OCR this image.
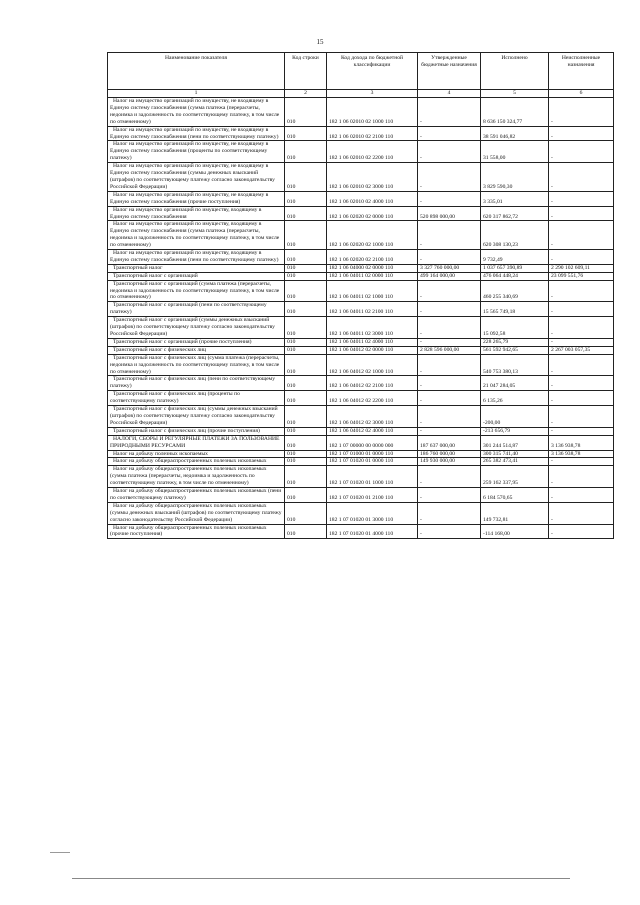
15
Наименование показателя	Код строки	Код дохода по бюджетной классификации	Утвержденные бюджетные назначения	Исполнено	Неисполненные назначения
1	2	3	4	5	6
Налог на имущество организаций по имуществу, не входящему в Единую систему газоснабжения (сумма платежа (перерасчеты, недоимка и задолженность по соответствующему платежу, в том числе по отмененному)	010	182 1 06 02010 02 1000 110	-	8 636 150 324,77	-
Налог на имущество организаций по имуществу, не входящему в Единую систему газоснабжения (пени по соответствующему платежу)	010	182 1 06 02010 02 2100 110	-	38 591 046,82	-
Налог на имущество организаций по имуществу, не входящему в Единую систему газоснабжения (проценты по соответствующему платежу)	010	182 1 06 02010 02 2200 110	-	31 558,00	-
Налог на имущество организаций по имуществу, не входящему в Единую систему газоснабжения (суммы денежных взысканий (штрафов) по соответствующему платежу согласно законодательству Российской Федерации)	010	182 1 06 02010 02 3000 110	-	3 829 590,30	-
Налог на имущество организаций по имуществу, не входящему в Единую систему газоснабжения (прочие поступления)	010	182 1 06 02010 02 4000 110	-	3 335,01	-
Налог на имущество организаций по имуществу, входящему в Единую систему газоснабжения	010	182 1 06 02020 02 0000 110	520 898 000,00	620 317 862,72	-
Налог на имущество организаций по имуществу, входящему в Единую систему газоснабжения (сумма платежа (перерасчеты, недоимка и задолженность по соответствующему платежу, в том числе по отмененному)	010	182 1 06 02020 02 1000 110	-	620 308 130,23	-
Налог на имущество организаций по имуществу, входящему в Единую систему газоснабжения (пени по соответствующему платежу)	010	182 1 06 02020 02 2100 110	-	9 732,49	-
Транспортный налог	010	182 1 06 04000 02 0000 110	3 327 760 000,00	1 037 657 390,89	2 290 102 609,11
Транспортный налог с организаций	010	182 1 06 04011 02 0000 110	499 164 000,00	476 064 448,24	23 099 551,76
Транспортный налог с организаций (сумма платежа (перерасчеты, недоимка и задолженность по соответствующему платежу, в том числе по отмененному)	010	182 1 06 04011 02 1000 110	-	460 255 340,69	-
Транспортный налог с организаций (пени по соответствующему платежу)	010	182 1 06 04011 02 2100 110	-	15 565 749,18	-
Транспортный налог с организаций (суммы денежных взысканий (штрафов) по соответствующему платежу согласно законодательству Российской Федерации)	010	182 1 06 04011 02 3000 110	-	15 092,58	-
Транспортный налог с организаций (прочие поступления)	010	182 1 06 04011 02 4000 110	-	228 265,79	-
Транспортный налог с физических лиц	010	182 1 06 04012 02 0000 110	2 828 596 000,00	561 592 942,65	2 267 003 057,35
Транспортный налог с физических лиц (сумма платежа (перерасчеты, недоимка и задолженность по соответствующему платежу, в том числе по отмененному)	010	182 1 06 04012 02 1000 110	-	540 753 380,13	-
Транспортный налог с физических лиц (пени по соответствующему платежу)	010	182 1 06 04012 02 2100 110	-	21 047 284,05	-
Транспортный налог с физических лиц (проценты по соответствующему платежу)	010	182 1 06 04012 02 2200 110	-	6 135,26	-
Транспортный налог с физических лиц (суммы денежных взысканий (штрафов) по соответствующему платежу согласно законодательству Российской Федерации)	010	182 1 06 04012 02 3000 110	-	-200,00	-
Транспортный налог с физических лиц (прочие поступления)	010	182 1 06 04012 02 4000 110	-	-213 656,79	-
НАЛОГИ, СБОРЫ И РЕГУЛЯРНЫЕ ПЛАТЕЖИ ЗА ПОЛЬЗОВАНИЕ ПРИРОДНЫМИ РЕСУРСАМИ	010	182 1 07 00000 00 0000 000	187 637 000,00	301 244 514,87	3 136 938,78
Налог на добычу полезных ископаемых	010	182 1 07 01000 01 0000 110	186 760 000,00	300 315 741,40	3 136 938,78
Налог на добычу общераспространенных полезных ископаемых	010	182 1 07 01020 01 0000 110	149 930 000,00	265 382 473,41	-
Налог на добычу общераспространенных полезных ископаемых (сумма платежа (перерасчеты, недоимка и задолженность по соответствующему платежу, в том числе по отмененному)	010	182 1 07 01020 01 1000 110	-	259 162 337,95	-
Налог на добычу общераспространенных полезных ископаемых (пени по соответствующему платежу)	010	182 1 07 01020 01 2100 110	-	6 184 570,65	-
Налог на добычу общераспространенных полезных ископаемых (суммы денежных взысканий (штрафов) по соответствующему платежу согласно законодательству Российской Федерации)	010	182 1 07 01020 01 3000 110	-	149 732,81	-
Налог на добычу общераспространенных полезных ископаемых (прочие поступления)	010	182 1 07 01020 01 4000 110	-	-114 168,00	-
